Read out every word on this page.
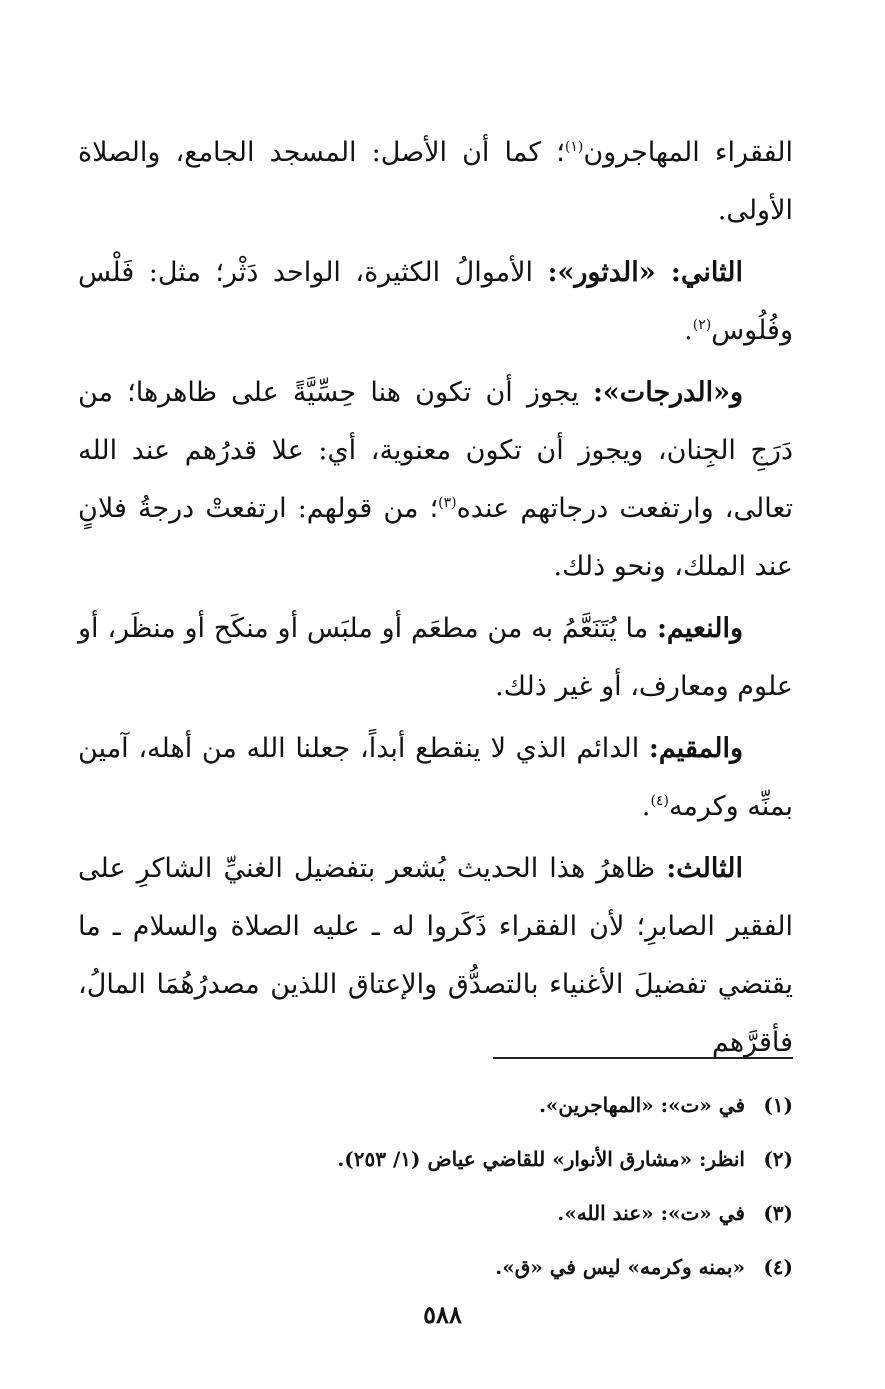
الفقراء المهاجرون$^{(١)}$؛ كما أن الأصل: المسجد الجامع، والصلاة الأولى.

الثاني: «الدثور»: الأموالُ الكثيرة، الواحد دَثْر؛ مثل: فَلْس وفُلُوس$^{(٢)}$.

و«الدرجات»: يجوز أن تكون هنا حِسِّيَّةً على ظاهرها؛ من دَرَجِ الجِنان، ويجوز أن تكون معنوية، أي: علا قدرُهم عند الله تعالى، وارتفعت درجاتهم عنده$^{(٣)}$؛ من قولهم: ارتفعتْ درجةُ فلانٍ عند الملك، ونحو ذلك.

والنعيم: ما يُتَنَعَّمُ به من مطعَم أو ملبَس أو منكَح أو منظَر، أو علوم ومعارف، أو غير ذلك.

والمقيم: الدائم الذي لا ينقطع أبداً، جعلنا الله من أهله، آمين بمنِّه وكرمه$^{(٤)}$.

الثالث: ظاهرُ هذا الحديث يُشعر بتفضيل الغنيِّ الشاكرِ على الفقير الصابرِ؛ لأن الفقراء ذَكَروا له ـ عليه الصلاة والسلام ـ ما يقتضي تفضيلَ الأغنياء بالتصدُّق والإعتاق اللذين مصدرُهُمَا المالُ، فأقرَّهم

(١)
في «ت»: «المهاجرين».
(٢)
انظر: «مشارق الأنوار» للقاضي عياض (١/ ٢٥٣).
(٣)
في «ت»: «عند الله».
(٤)
«بمنه وكرمه» ليس في «ق».
٥٨٨
